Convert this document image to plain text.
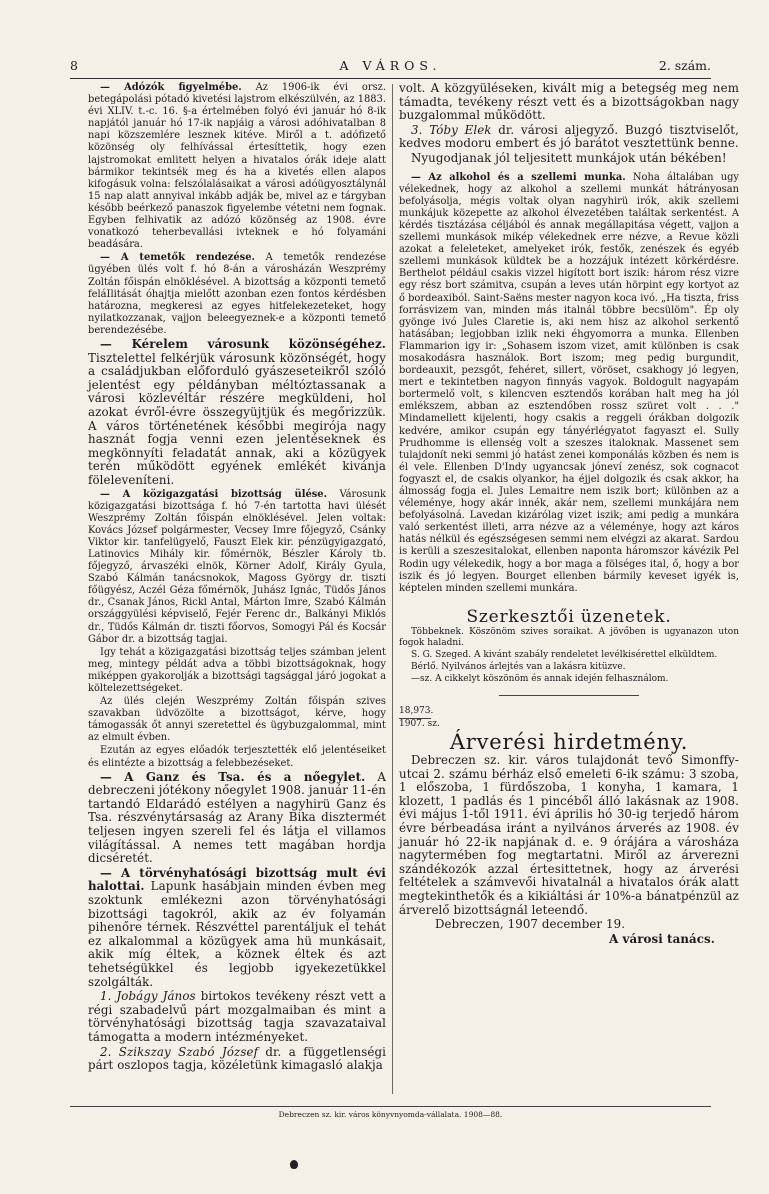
8	A VÁROS.	2. szám.

— Adózók figyelmébe. Az 1906-ik évi orsz. betegápolási pótadó kivetési lajstrom elkészülvén, az 1883. évi XLIV. t.-c. 16. §-a értelmében folyó évi január hó 8-ik napjától január hó 17-ik napjáig a városi adóhivatalban 8 napi közszemlére lesznek kitéve. Miről a t. adófizető közönség oly felhívással értesíttetik, hogy ezen lajstromokat emlitett helyen a hivatalos órák ideje alatt bármikor tekintsék meg és ha a kivetés ellen alapos kifogásuk volna: felszólalásaikat a városi adóügyosztálynál 15 nap alatt annyival inkább adják be, mivel az e tárgyban később beérkező panaszok figyelembe vétetni nem fognak. Egyben felhivatik az adózó közönség az 1908. évre vonatkozó teherbevallási ivteknek e hó folyamáni beadására.

— A temetők rendezése. A temetők rendezése ügyében ülés volt f. hó 8-án a városházán Weszprémy Zoltán főispán elnöklésével. A bizottság a központi temető feláIlitását óhajtja mielőtt azonban ezen fontos kérdésben határozna, megkeresi az egyes hitfelekezeteket, hogy nyilatkozzanak, vajjon beleegyeznek-e a központi temető berendezésébe.

— Kérelem városunk közönségéhez. Tisztelettel felkérjük városunk közönségét, hogy a családjukban előforduló gyászeseteikről szóló jelentést egy példányban méltóztassanak a városi közlevéltár részére megküldeni, hol azokat évről-évre összegyüjtjük és megőrizzük. A város történetének későbbi megirója nagy hasznát fogja venni ezen jelentéseknek és megkönnyíti feladatát annak, aki a közügyek terén működött egyének emlékét kivánja föleleveníteni.

— A közigazgatási bizottság ülése. Városunk közigazgatási bizottsága f. hó 7-én tartotta havi ülését Weszprémy Zoltán főispán elnöklésével. Jelen voltak: Kovács József polgármester, Vecsey Imre főjegyző, Csánky Viktor kir. tanfelügyelő, Fauszt Elek kir. pénzügyigazgató, Latinovics Mihály kir. főmérnök, Bészler Károly tb. főjegyző, árvaszéki elnök, Körner Adolf, Király Gyula, Szabó Kálmán tanácsnokok, Magoss György dr. tiszti főügyész, Aczél Géza főmérnök, Juhász Ignác, Tüdős János dr., Csanak János, Rickl Antal, Márton Imre, Szabó Kálmán országgyülési képviselő, Fejér Ferenc dr., Balkányi Miklós dr., Tüdős Kálmán dr. tiszti főorvos, Somogyi Pál és Kocsár Gábor dr. a bizottság tagjai.

Igy tehát a közigazgatási bizottság teljes számban jelent meg, mintegy példát adva a többi bizottságoknak, hogy miképpen gyakorolják a bizottsági tagsággal járó jogokat a költelezettségeket.

Az ülés clején Weszprémy Zoltán főispán szives szavakban üdvözölte a bizottságot, kérve, hogy támogassák őt annyi szeretettel és ügybuzgalommal, mint az elmult évben.

Ezután az egyes előadók terjesztették elő jelentéseiket és elintézte a bizottság a felebbezéseket.

— A Ganz és Tsa. és a nőegylet. A debreczeni jótékony nőegylet 1908. január 11-én tartandó Eldarádó estélyen a nagyhirü Ganz és Tsa. részvénytársaság az Arany Bika disztermét teljesen ingyen szereli fel és látja el villamos világítással. A nemes tett magában hordja dicséretét.

— A törvényhatósági bizottság mult évi halottai. Lapunk hasábjain minden évben meg szoktunk emlékezni azon törvényhatósági bizottsági tagokról, akik az év folyamán pihenőre térnek. Részvéttel parentáljuk el tehát ez alkalommal a közügyek ama hü munkásait, akik míg éltek, a köznek éltek és azt tehetségükkel és legjobb igyekezetükkel szolgálták.

1. Jobágy János birtokos tevékeny részt vett a régi szabadelvű párt mozgalmaiban és mint a törvényhatósági bizottság tagja szavazataival támogatta a modern intézményeket.

2. Szikszay Szabó József dr. a függetlenségi párt oszlopos tagja, közéletünk kimagasló alakja

volt. A közgyüléseken, kivált mig a betegség meg nem támadta, tevékeny részt vett és a bizottságokban nagy buzgalommal működött.

3. Tóby Elek dr. városi aljegyző. Buzgó tisztviselőt, kedves modoru embert és jó barátot vesztettünk benne.

Nyugodjanak jól teljesitett munkájok után békében!

— Az alkohol és a szellemi munka. Noha általában ugy vélekednek, hogy az alkohol a szellemi munkát hátrányosan befolyásolja, mégis voltak olyan nagyhirü irók, akik szellemi munkájuk közepette az alkohol élvezetében találtak serkentést. A kérdés tisztázása céljából és annak megállapitása végett, vajjon a szellemi munkások mikép vélekednek erre nézve, a Revue közli azokat a feleleteket, amelyeket irók, festők, zenészek és egyéb szellemi munkások küldtek be a hozzájuk intézett körkérdésre. Berthelot például csakis vizzel higított bort iszik: három rész vizre egy rész bort számitva, csupán a leves után hörpint egy kortyot az ő bordeaxiból. Saint-Saëns mester nagyon koca ivó. „Ha tiszta, friss forrásvizem van, minden más italnál többre becsülöm". Ép oly gyönge ivó Jules Claretie is, aki nem hisz az alkohol serkentő hatásában; legjobban izlik neki éhgyomorra a munka. Ellenben Flammarion igy ir: „Sohasem iszom vizet, amit különben is csak mosakodásra használok. Bort iszom; meg pedig burgundit, bordeauxit, pezsgőt, fehéret, sillert, vöröset, csakhogy jó legyen, mert e tekintetben nagyon finnyás vagyok. Boldogult nagyapám bortermelő volt, s kilencven esztendős korában halt meg ha jól emlékszem, abban az esztendőben rossz szüret volt . . ." Mindamellett kijelenti, hogy csakis a reggeli órákban dolgozik kedvére, amikor csupán egy tányérlégyatot fagyaszt el. Sully Prudhomme is ellenség volt a szeszes italoknak. Massenet sem tulajdonít neki semmi jó hatást zenei komponálás közben és nem is él vele. Ellenben D'Indy ugyancsak jóneví zenész, sok cognacot fogyaszt el, de csakis olyankor, ha éjjel dolgozik és csak akkor, ha álmosság fogja el. Jules Lemaitre nem iszik bort; különben az a véleménye, hogy akár innék, akár nem, szellemi munkájára nem befolyásolná. Lavedan kizárólag vizet iszik; ami pedig a munkára való serkentést illeti, arra nézve az a véleménye, hogy azt káros hatás nélkül és egészségesen semmi nem elvégzi az akarat. Sardou is kerüli a szeszesitalokat, ellenben naponta háromszor kávézik Pel Rodin ugy vélekedik, hogy a bor maga a fölséges ital, ő, hogy a bor iszik és jó legyen. Bourget ellenben bármily keveset igyék is, képtelen minden szellemi munkára.

Szerkesztői üzenetek.

Többeknek. Köszönöm szives soraikat. A jövőben is ugyanazon uton fogok haladni.

S. G. Szeged. A kivánt szabály rendeletet levélkisérettel elküldtem.

Bérlő. Nyilvános árlejtés van a lakásra kitüzve.

—sz. A cikkelyt köszönöm és annak idején felhasználom.

18,973.
1907. sz.
Árverési hirdetmény.

Debreczen sz. kir. város tulajdonát tevő Simonffy-utcai 2. számu bérház első emeleti 6-ik számu: 3 szoba, 1 előszoba, 1 fürdőszoba, 1 konyha, 1 kamara, 1 klozett, 1 padlás és 1 pincéből álló lakásnak az 1908. évi május 1-től 1911. évi április hó 30-ig terjedő három évre bérbeadása iránt a nyilvános árverés az 1908. év január hó 22-ik napjának d. e. 9 órájára a városháza nagytermében fog megtartatni. Miről az árverezni szándékozók azzal értesittetnek, hogy az árverési feltételek a számvevői hivatalnál a hivatalos órák alatt megtekinthetők és a kikiáltási ár 10%-a bánatpénzül az árverelő bizottságnál leteendő.

Debreczen, 1907 december 19.

A városi tanács.

Debreczen sz. kir. város könyvnyomda-vállalata. 1908—88.
